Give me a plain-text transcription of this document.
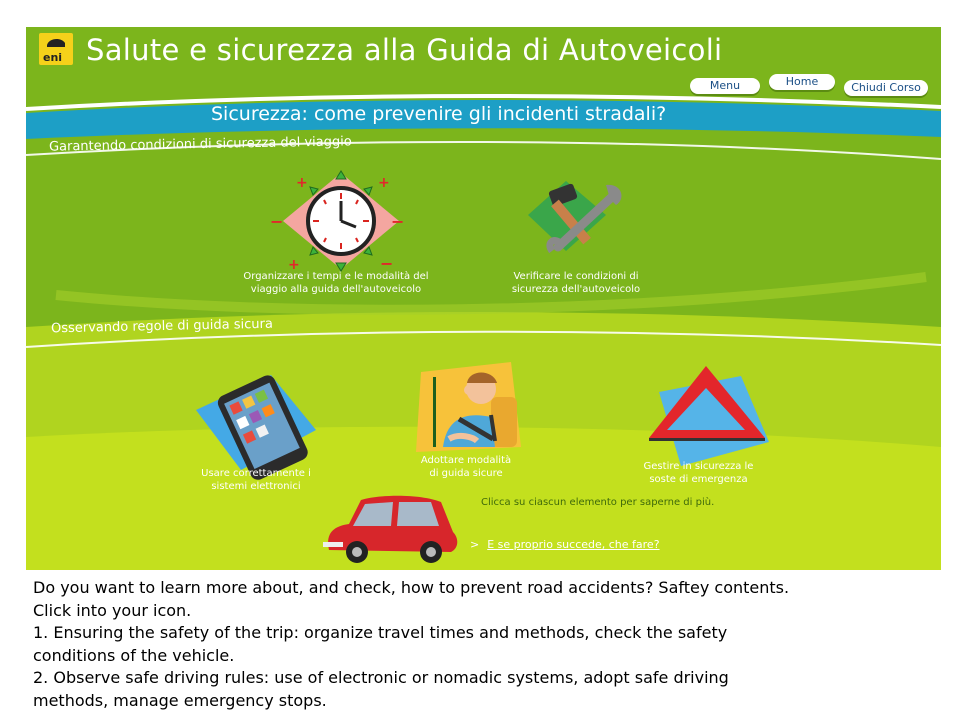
eni Salute e sicurezza alla Guida di Autoveicoli
Menu	Home	Chiudi Corso
Sicurezza: come prevenire gli incidenti stradali?
Garantendo condizioni di sicurezza del viaggio
+	+
−	−
+	−
Organizzare i tempi e le modalità del
viaggio alla guida dell'autoveicolo
Verificare le condizioni di
sicurezza dell'autoveicolo
Osservando regole di guida sicura
Usare correttamente i
sistemi elettronici
Adottare modalità
di guida sicure
Gestire in sicurezza le
soste di emergenza
Clicca su ciascun elemento per saperne di più.
> E se proprio succede, che fare?
Do you want to learn more about, and check, how to prevent road accidents? Saftey contents.
Click into your icon.
1. Ensuring the safety of the trip: organize travel times and methods, check the safety
conditions of the vehicle.
2. Observe safe driving rules: use of electronic or nomadic systems, adopt safe driving
methods, manage emergency stops.
